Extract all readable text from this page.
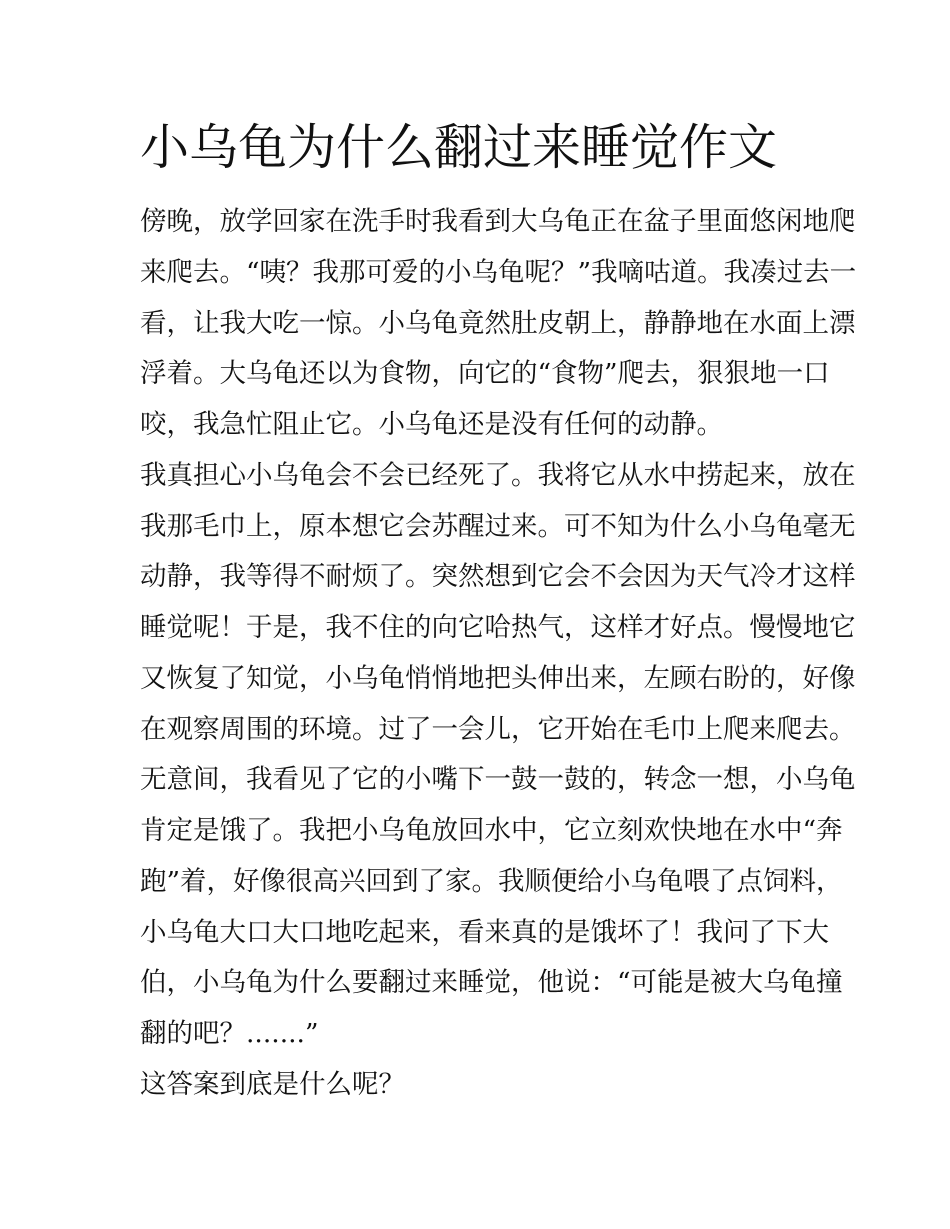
小乌龟为什么翻过来睡觉作文
傍晚，放学回家在洗手时我看到大乌龟正在盆子里面悠闲地爬
来爬去。“咦？我那可爱的小乌龟呢？”我嘀咕道。我凑过去一
看，让我大吃一惊。小乌龟竟然肚皮朝上，静静地在水面上漂
浮着。大乌龟还以为食物，向它的“食物”爬去，狠狠地一口
咬，我急忙阻止它。小乌龟还是没有任何的动静。
我真担心小乌龟会不会已经死了。我将它从水中捞起来，放在
我那毛巾上，原本想它会苏醒过来。可不知为什么小乌龟毫无
动静，我等得不耐烦了。突然想到它会不会因为天气冷才这样
睡觉呢！于是，我不住的向它哈热气，这样才好点。慢慢地它
又恢复了知觉，小乌龟悄悄地把头伸出来，左顾右盼的，好像
在观察周围的环境。过了一会儿，它开始在毛巾上爬来爬去。
无意间，我看见了它的小嘴下一鼓一鼓的，转念一想，小乌龟
肯定是饿了。我把小乌龟放回水中，它立刻欢快地在水中“奔
跑”着，好像很高兴回到了家。我顺便给小乌龟喂了点饲料，
小乌龟大口大口地吃起来，看来真的是饿坏了！我问了下大
伯，小乌龟为什么要翻过来睡觉，他说：“可能是被大乌龟撞
翻的吧？.......”
这答案到底是什么呢？
